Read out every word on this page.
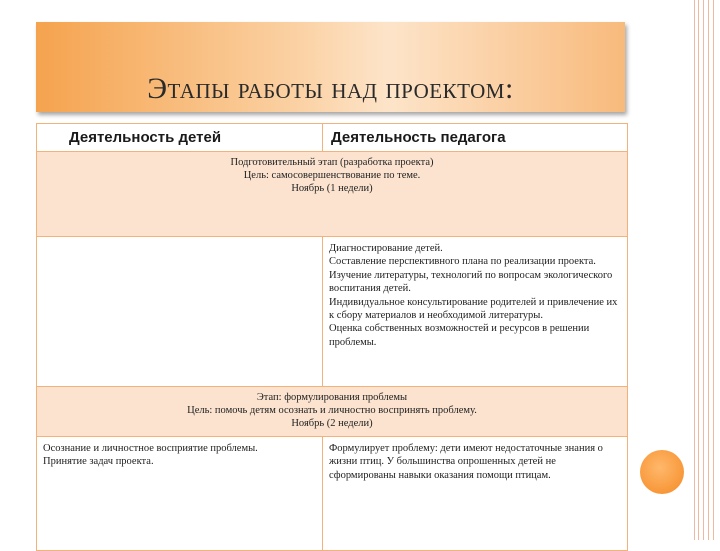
Этапы работы над проектом:
Деятельность детей	Деятельность педагога

Подготовительный этап (разработка проекта)
Цель: самосовершенствование по теме.
Ноябрь (1 недели)	

	Диагностирование детей.
Составление перспективного плана по реализации проекта.
Изучение литературы, технологий по вопросам экологического воспитания детей.
Индивидуальное консультирование родителей и привлечение их к сбору материалов и необходимой литературы.
Оценка собственных возможностей и ресурсов в решении проблемы.

Этап: формулирования проблемы
Цель: помочь детям осознать и личностно воспринять проблему.
Ноябрь (2 недели)	

Осознание и личностное восприятие проблемы.
Принятие задач проекта.	Формулирует проблему: дети имеют недостаточные знания о жизни птиц. У большинства опрошенных детей не сформированы навыки оказания помощи птицам.
